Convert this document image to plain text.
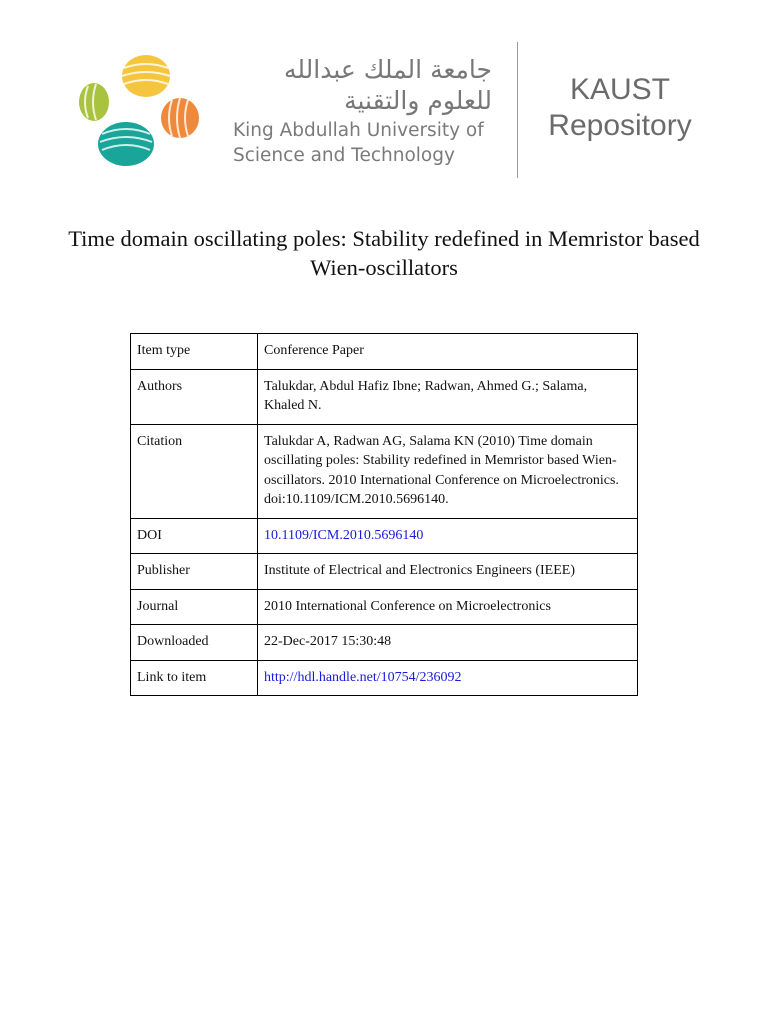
جامعة الملك عبدالله
للعلوم والتقنية
King Abdullah University of
Science and Technology
KAUST
Repository
Time domain oscillating poles: Stability redefined in Memristor based Wien-oscillators
Item type	Conference Paper
Authors	Talukdar, Abdul Hafiz Ibne; Radwan, Ahmed G.; Salama, Khaled N.
Citation	Talukdar A, Radwan AG, Salama KN (2010) Time domain oscillating poles: Stability redefined in Memristor based Wien-oscillators. 2010 International Conference on Microelectronics. doi:10.1109/ICM.2010.5696140.
DOI	10.1109/ICM.2010.5696140
Publisher	Institute of Electrical and Electronics Engineers (IEEE)
Journal	2010 International Conference on Microelectronics
Downloaded	22-Dec-2017 15:30:48
Link to item	http://hdl.handle.net/10754/236092
